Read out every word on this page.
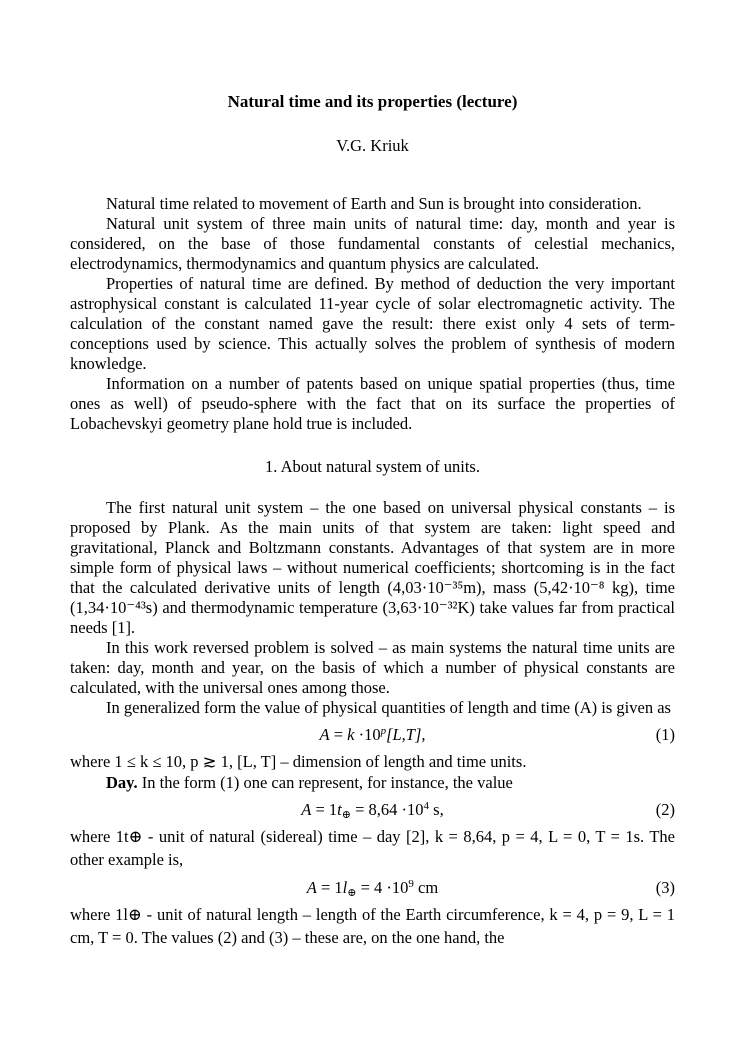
Natural time and its properties (lecture)

V.G. Kriuk

Natural time related to movement of Earth and Sun is brought into consideration.

Natural unit system of three main units of natural time: day, month and year is considered, on the base of those fundamental constants of celestial mechanics, electrodynamics, thermodynamics and quantum physics are calculated.

Properties of natural time are defined. By method of deduction the very important astrophysical constant is calculated 11-year cycle of solar electromagnetic activity. The calculation of the constant named gave the result: there exist only 4 sets of term-conceptions used by science. This actually solves the problem of synthesis of modern knowledge.

Information on a number of patents based on unique spatial properties (thus, time ones as well) of pseudo-sphere with the fact that on its surface the properties of Lobachevskyi geometry plane hold true is included.

1. About natural system of units.

The first natural unit system – the one based on universal physical constants – is proposed by Plank. As the main units of that system are taken: light speed and gravitational, Planck and Boltzmann constants. Advantages of that system are in more simple form of physical laws – without numerical coefficients; shortcoming is in the fact that the calculated derivative units of length (4,03·10⁻³⁵m), mass (5,42·10⁻⁸ kg), time (1,34·10⁻⁴³s) and thermodynamic temperature (3,63·10⁻³²K) take values far from practical needs [1].

In this work reversed problem is solved – as main systems the natural time units are taken: day, month and year, on the basis of which a number of physical constants are calculated, with the universal ones among those.

In generalized form the value of physical quantities of length and time (A) is given as

$A = k \cdot 10^p[L,T]$,	(1)

where 1 ≤ k ≤ 10, p ≳ 1, [L, T] – dimension of length and time units.

Day. In the form (1) one can represent, for instance, the value

$A = 1t_\oplus = 8,64 \cdot 10^4$ s,	(2)

where 1t⊕ - unit of natural (sidereal) time – day [2], k = 8,64, p = 4, L = 0, T = 1s. The other example is,

$A = 1l_\oplus = 4 \cdot 10^9$ cm	(3)

where 1l⊕ - unit of natural length – length of the Earth circumference, k = 4, p = 9, L = 1 cm, T = 0. The values (2) and (3) – these are, on the one hand, the
